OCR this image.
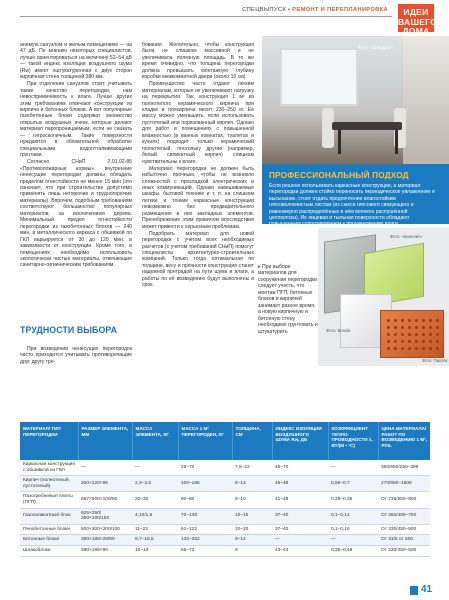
СПЕЦВЫПУСК • РЕМОНТ И ПЕРЕПЛАНИРОВКА	ИДЕИ
ВАШЕГО
ДОМА

анемую санузлом и жилым помещением — на 47 дБ. По мнению некоторых специалистов, лучше ориентироваться на величину 52–54 дБ — такой индекс изоляции воздушного шума (Rw) имеет оштукатуренная с двух сторон кирпичная стена толщиной 380 мм.

При отделении санузлов стоит учитывать также качество перегородки, нам невосприимчивость к влаге. Лучше других этим требованиям отвечают конструкции из кирпича и бетонных блоков. А вот популярные газобетонные блоки содержат множество открытых воздушных ячеек, которые делают материал паропроницаемым, если не сказать — гигроскопичным. Такие поверхности нуждаются в обязательной обработке специальными водоотталкивающими грунтами.

Согласно СНиП 2.01.02-85 «Противопожарные нормы», внутренние ненесущие перегородки должны обладать пределом огнестойкости не менее 15 мин (это означает, что при строительстве допустимо применять лишь негорючие и трудногорючие материалы). Впрочем, подобным требованиям соответствуют большинство популярных материалов, за исключением дерева. Минимальный предел огнестойкости перегородки из газобетонных блоков — 240 мин, а металлического каркаса с обшивкой по ГКЛ варьируется от 30 до 120 мин, в зависимости от конструкции. Кроме того, в помещениях необходимо использовать экологически чистые материалы, отвечающие санитарно-гигиеническим требованиям.

ТРУДНОСТИ ВЫБОРА

При возведении ненесущих перегородок часто приходится учитывать противоречащие друг другу тре-

бования. Желательно, чтобы конструкция была не слишком массивной и не увеличивала полезную площадь. В то же время очевидно, что толщина перегородки должна превышать монтажную глубину коробки межкомнатной двери (около 10 см).

Преимущество часто отдают легким материалам, которые не увеличивают нагрузку на перекрытия. Так, конструкция 1 м² из полнотелого керамического кирпича при кладке в полкирпича весит 230–250 кг. Ее массу можно уменьшить, если использовать пустотелый или поризованный кирпич. Однако для работ в помещениях с повышенной влажностью (в ванных комнатах, туалетах и кухнях) подходит только керамический полнотелый, поскольку другие (например, белый силикатный кирпич) слишком чувствительны к влаге.

Материал перегородки не должен быть избыточно прочным, чтобы не возникло сложностей с прокладкой электрических и иных коммуникаций. Однако навешиваемые шкафы, бытовой технике и т. п. на слишком легкие и тонкие каркасные конструкции невозможно без предварительного размещения в них закладных элементов. Пренебрежение этим правилом впоследствии может привести к серьезным проблемам.

Подобрать материал для новой перегородки с учетом всех необходимых расчетов (с учетом требований СНиП) помогут специалисты архитектурно-строительных компаний. Только тогда оптимальная по толщине, весу и прочности конструкция станет надежной преградой на пути шума и влаги, а работы по её возведению будут выполнены в срок.

Фото: Скрепджен
ПРОФЕССИОНАЛЬНЫЙ ПОДХОД
Если решено использовать каркасные конструкции, а материал перегородки должен стойко переносить периодическое увлажнение и высыхание, стоит отдать предпочтение влагостойким гипсоволокнистым листам (из смеси гипсового связующего и равномерно распределённых в нём волокон распушённой целлюлозы). Их лицевая и тыльная поверхности обладают повышенным сопротивлением к проникновению влаги.
▸ При выборе материалов для сооружения перегородки следует учесть, что монтаж ПГП, бетонных блоков и кирпичей занимает разное время, а новую кирпичную и бетонную стену необходимо грунтовать и штукатурить
Фото: «Бонолит»
Фото: Bonolit
Фото: Таштек
МАТЕРИАЛ/ ТИП ПЕРЕГОРОДКИ	РАЗМЕР ЭЛЕМЕНТА, ММ	МАССА ЭЛЕМЕНТА, КГ	МАССА 1 М² ПЕРЕГОРОДКИ, КГ	ТОЛЩИНА, СМ	ИНДЕКС ИЗОЛЯЦИИ ВОЗДУШНОГО ШУМА Rw, ДБ	КОЭФФИЦИЕНТ ТЕПЛО-ПРОВОДНОСТИ λ, ВТ/(М • °С)	ЦЕНА МАТЕРИАЛА/ РАБОТ ПО ВОЗВЕДЕНИЮ 1 М², РУБ.
Каркасная конструкция с обшивкой из ГКЛ	—	—	29–70	7,5–22	46–70	—	360/550/250–399
Кирпич (полнотелый, пустотелый)	250×120×65	2,3–3,6	100–185	8–13	45–48	0,56–0,7	270/880–1800
Пазогребневые плиты (ПГП)	667×500×100/80	20–30	60–80	8–10	41–48	0,29–0,35	От 735/500–800
Газосиликатный блок	625×250/ 250×100/150	4,10/1,6	70–138	10–15	37–40	0,1–0,14	От 360/480–750
Пенобетонные блоки	600×300×200/100	11–22	61–122	10–20	37–40	0,1–0,16	От 330/450–500
Бетонные блоки	390×188×28/90	9,7–18,5	132–252	9–12	—	—	От 31/5 от 500
Шлакоблоки	390×188×90	10–13	55–72	9	43–44	0,35–0,48	От 230/450–500
41
